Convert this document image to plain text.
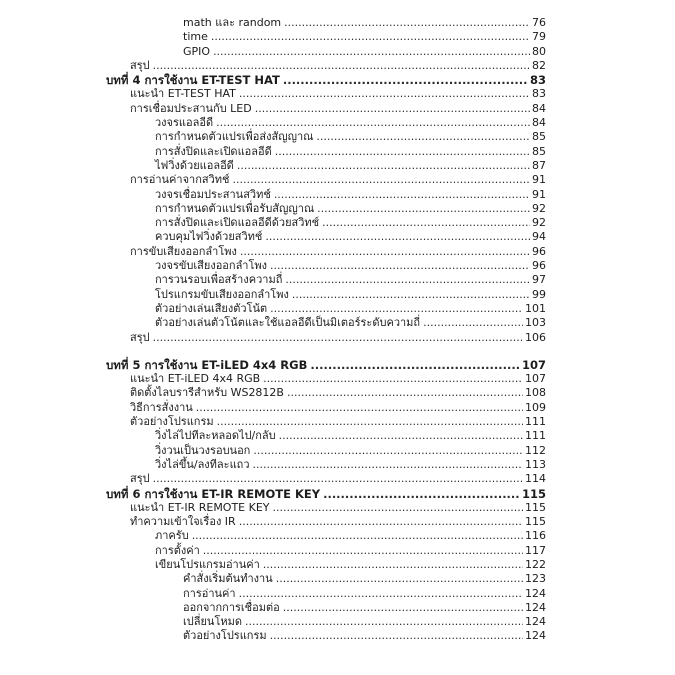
math และ random .....	76
time .....	79
GPIO .....	80
สรุป .....	82
บทที่ 4 การใช้งาน ET-TEST HAT .....	83
แนะนำ ET-TEST HAT .....	83
การเชื่อมประสานกับ LED .....	84
วงจรแอลอีดี .....	84
การกำหนดตัวแปรเพื่อส่งสัญญาณ .....	85
การสั่งปิดและเปิดแอลอีดี .....	85
ไฟวิ่งด้วยแอลอีดี .....	87
การอ่านค่าจากสวิทช์ .....	91
วงจรเชื่อมประสานสวิทช์ .....	91
การกำหนดตัวแปรเพื่อรับสัญญาณ .....	92
การสั่งปิดและเปิดแอลอีดีด้วยสวิทช์ .....	92
ควบคุมไฟวิ่งด้วยสวิทช์ .....	94
การขับเสียงออกลำโพง .....	96
วงจรขับเสียงออกลำโพง .....	96
การวนรอบเพื่อสร้างความถี่ .....	97
โปรแกรมขับเสียงออกลำโพง .....	99
ตัวอย่างเล่นเสียงตัวโน้ต .....	101
ตัวอย่างเล่นตัวโน้ตและใช้แอลอีดีเป็นมิเตอร์ระดับความถี่ .....	103
สรุป .....	106
บทที่ 5 การใช้งาน ET-iLED 4x4 RGB .....	107
แนะนำ ET-iLED 4x4 RGB .....	107
ติดตั้งไลบรารีสำหรับ WS2812B .....	108
วิธีการสั่งงาน .....	109
ตัวอย่างโปรแกรม .....	111
วิ่งไล่ไปทีละหลอดไป/กลับ .....	111
วิ่งวนเป็นวงรอบนอก .....	112
วิ่งไล่ขึ้น/ลงทีละแถว .....	113
สรุป .....	114
บทที่ 6 การใช้งาน ET-IR REMOTE KEY .....	115
แนะนำ ET-IR REMOTE KEY .....	115
ทำความเข้าใจเรื่อง IR .....	115
ภาครับ .....	116
การตั้งค่า .....	117
เขียนโปรแกรมอ่านค่า .....	122
คำสั่งเริ่มต้นทำงาน .....	123
การอ่านค่า .....	124
ออกจากการเชื่อมต่อ .....	124
เปลี่ยนโหมด .....	124
ตัวอย่างโปรแกรม .....	124
